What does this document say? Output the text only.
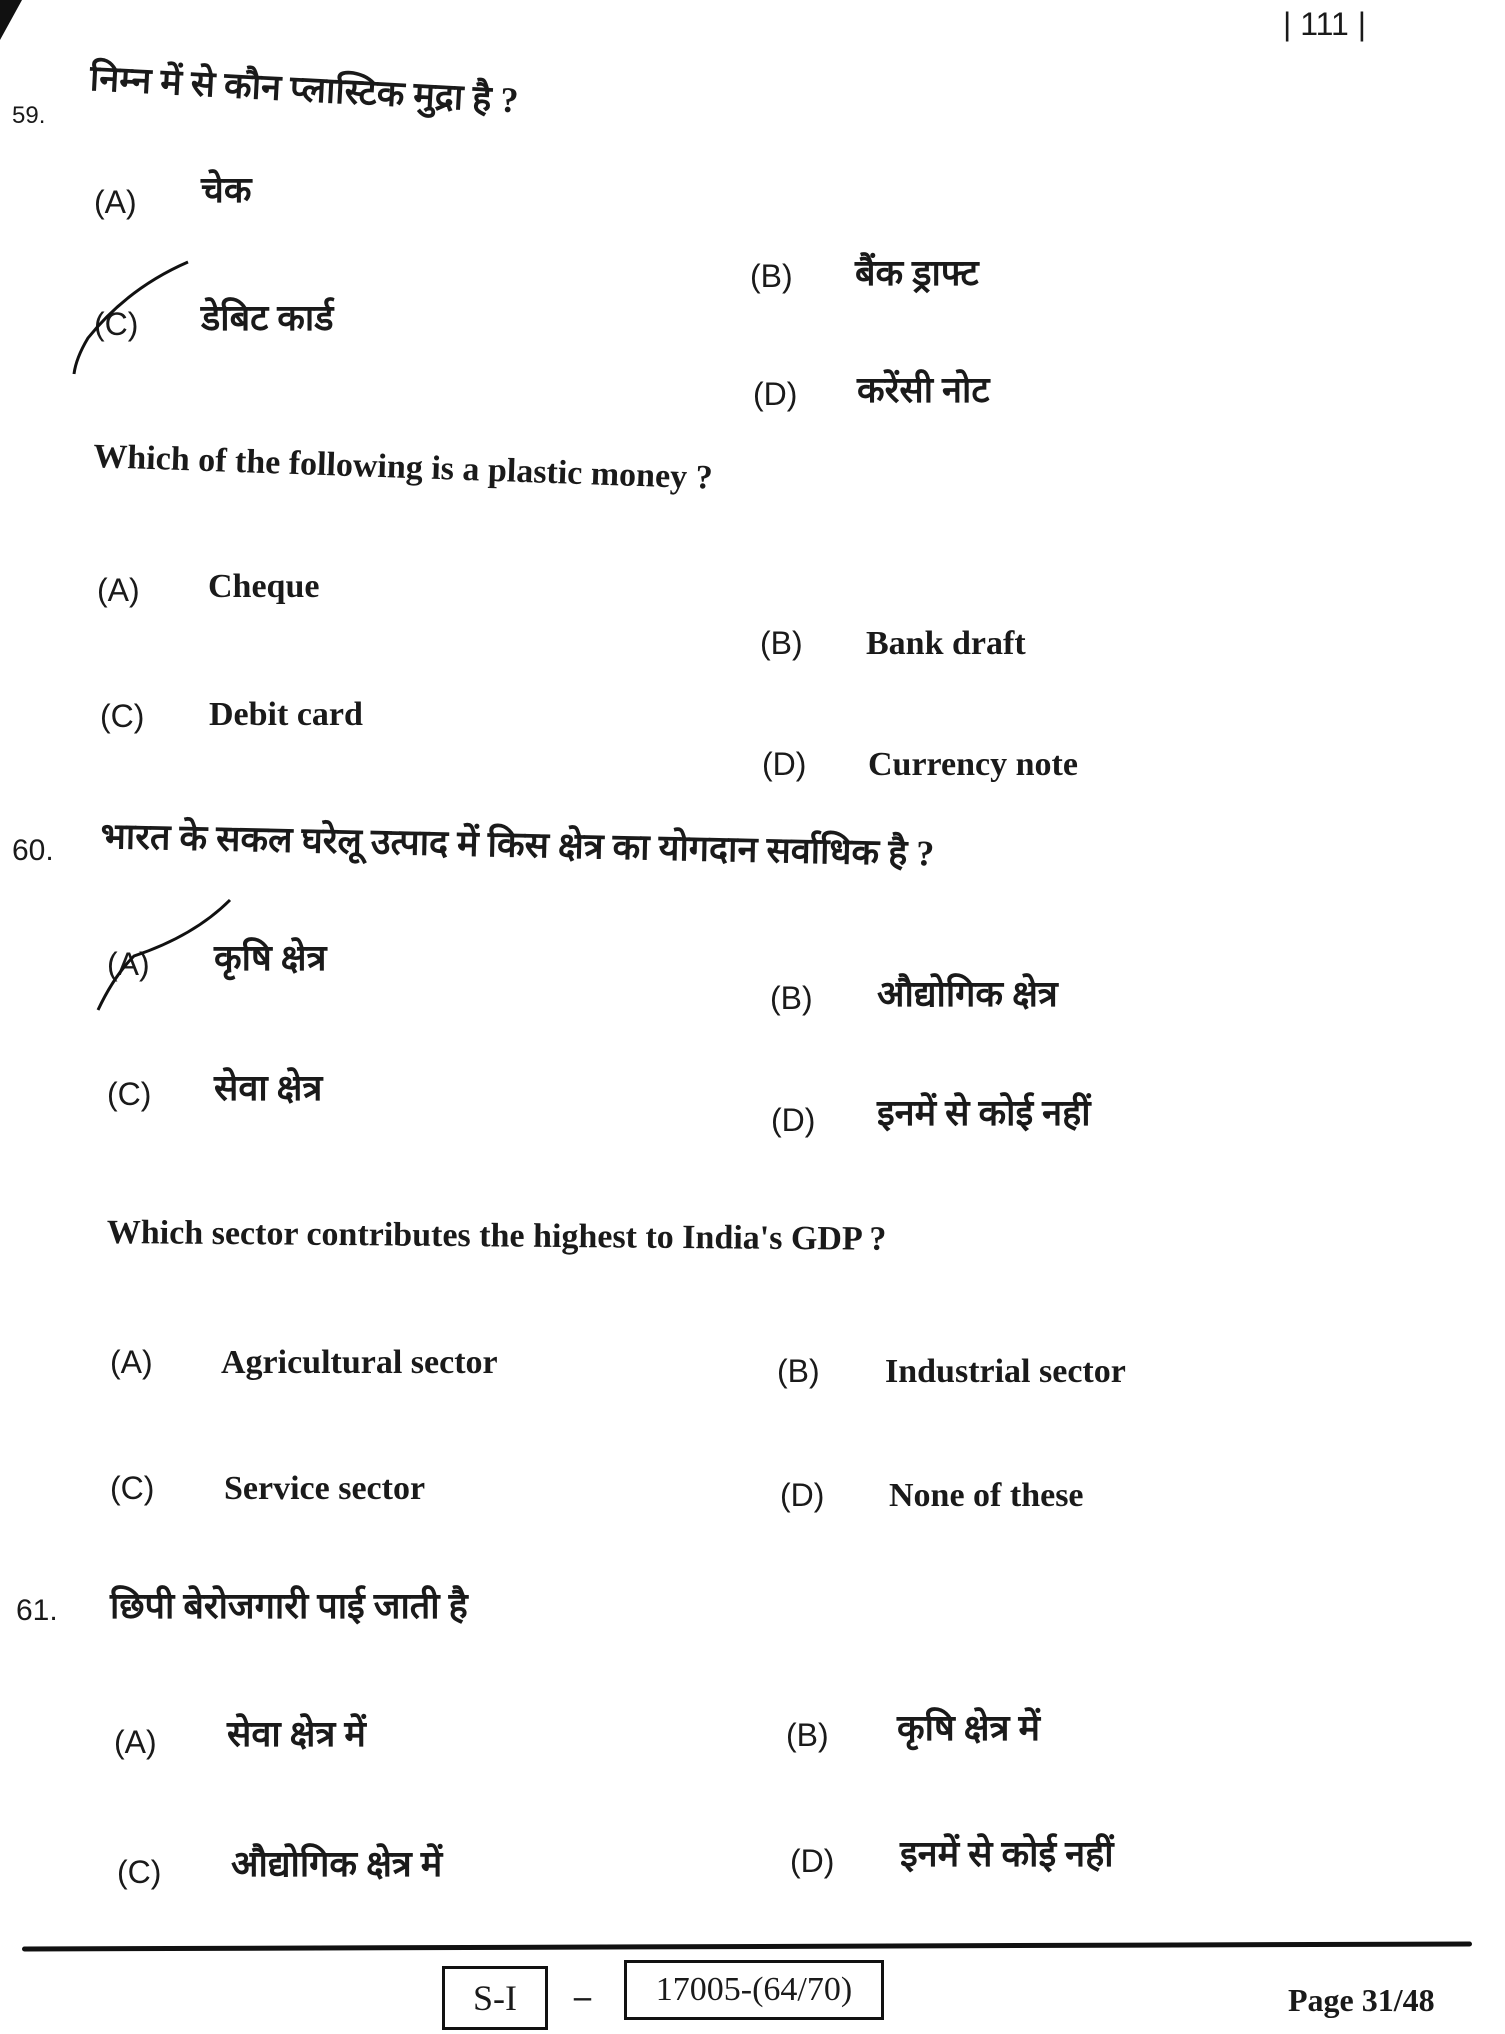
| 111 |
59. निम्न में से कौन प्लास्टिक मुद्रा है ?
(A) चेक
(B) बैंक ड्राफ्ट
(C) डेबिट कार्ड
(D) करेंसी नोट
Which of the following is a plastic money ?
(A) Cheque
(B) Bank draft
(C) Debit card
(D) Currency note
60. भारत के सकल घरेलू उत्पाद में किस क्षेत्र का योगदान सर्वाधिक है ?
(A) कृषि क्षेत्र
(B) औद्योगिक क्षेत्र
(C) सेवा क्षेत्र
(D) इनमें से कोई नहीं
Which sector contributes the highest to India's GDP ?
(A) Agricultural sector	(B) Industrial sector
(C) Service sector	(D) None of these
61. छिपी बेरोजगारी पाई जाती है
(A) सेवा क्षेत्र में	(B) कृषि क्षेत्र में
(C) औद्योगिक क्षेत्र में	(D) इनमें से कोई नहीं
S-I – 17005-(64/70)	Page 31/48
